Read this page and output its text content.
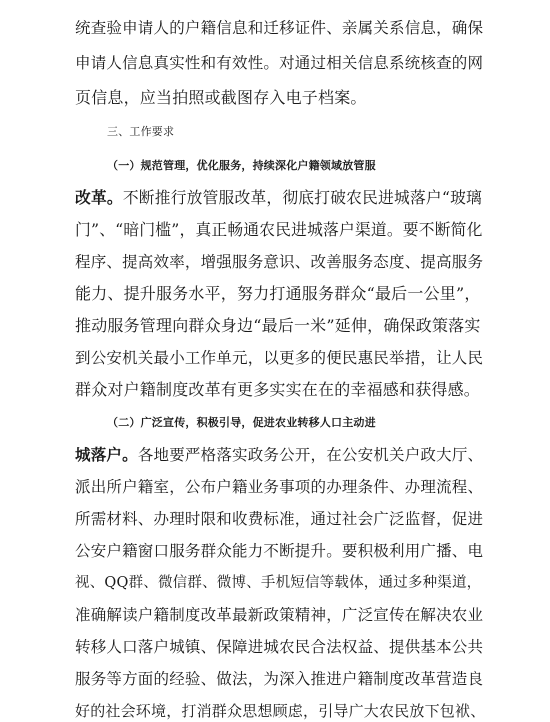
统查验申请人的户籍信息和迁移证件、亲属关系信息，确保
申请人信息真实性和有效性。对通过相关信息系统核查的网
页信息，应当拍照或截图存入电子档案。
三、工作要求
（一）规范管理，优化服务，持续深化户籍领域放管服
改革。不断推行放管服改革，彻底打破农民进城落户“玻璃
门”、“暗门槛”，真正畅通农民进城落户渠道。要不断简化
程序、提高效率，增强服务意识、改善服务态度、提高服务
能力、提升服务水平，努力打通服务群众“最后一公里”，
推动服务管理向群众身边“最后一米”延伸，确保政策落实
到公安机关最小工作单元，以更多的便民惠民举措，让人民
群众对户籍制度改革有更多实实在在的幸福感和获得感。
（二）广泛宣传，积极引导，促进农业转移人口主动进
城落户。各地要严格落实政务公开，在公安机关户政大厅、
派出所户籍室，公布户籍业务事项的办理条件、办理流程、
所需材料、办理时限和收费标准，通过社会广泛监督，促进
公安户籍窗口服务群众能力不断提升。要积极利用广播、电
视、QQ群、微信群、微博、手机短信等载体，通过多种渠道，
准确解读户籍制度改革最新政策精神，广泛宣传在解决农业
转移人口落户城镇、保障进城农民合法权益、提供基本公共
服务等方面的经验、做法，为深入推进户籍制度改革营造良
好的社会环境，打消群众思想顾虑，引导广大农民放下包袱、
